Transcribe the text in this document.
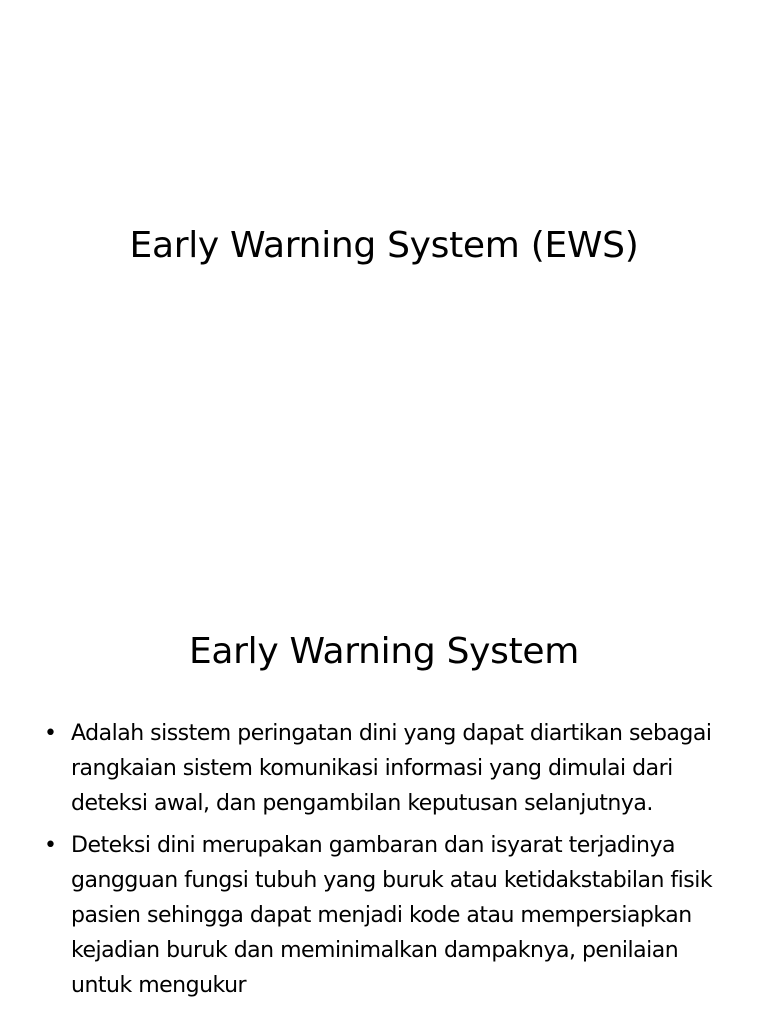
Early Warning System (EWS)
Early Warning System
• Adalah sisstem peringatan dini yang dapat diartikan sebagai rangkaian sistem komunikasi informasi yang dimulai dari deteksi awal, dan pengambilan keputusan selanjutnya.
• Deteksi dini merupakan gambaran dan isyarat terjadinya gangguan fungsi tubuh yang buruk atau ketidakstabilan fisik pasien sehingga dapat menjadi kode atau mempersiapkan kejadian buruk dan meminimalkan dampaknya, penilaian untuk mengukur
